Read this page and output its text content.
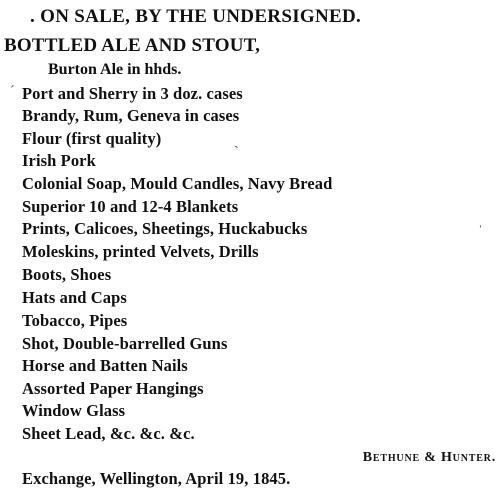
. ON SALE, BY THE UNDERSIGNED.
BOTTLED ALE AND STOUT,
Burton Ale in hhds.
Port and Sherry in 3 doz. cases
Brandy, Rum, Geneva in cases
Flour (first quality)
Irish Pork
Colonial Soap, Mould Candles, Navy Bread
Superior 10 and 12-4 Blankets
Prints, Calicoes, Sheetings, Huckabucks
Moleskins, printed Velvets, Drills
Boots, Shoes
Hats and Caps
Tobacco, Pipes
Shot, Double-barrelled Guns
Horse and Batten Nails
Assorted Paper Hangings
Window Glass
Sheet Lead, &c. &c. &c.
Bethune & Hunter.
Exchange, Wellington, April 19, 1845.
ˊ
ˏ
ˈ
